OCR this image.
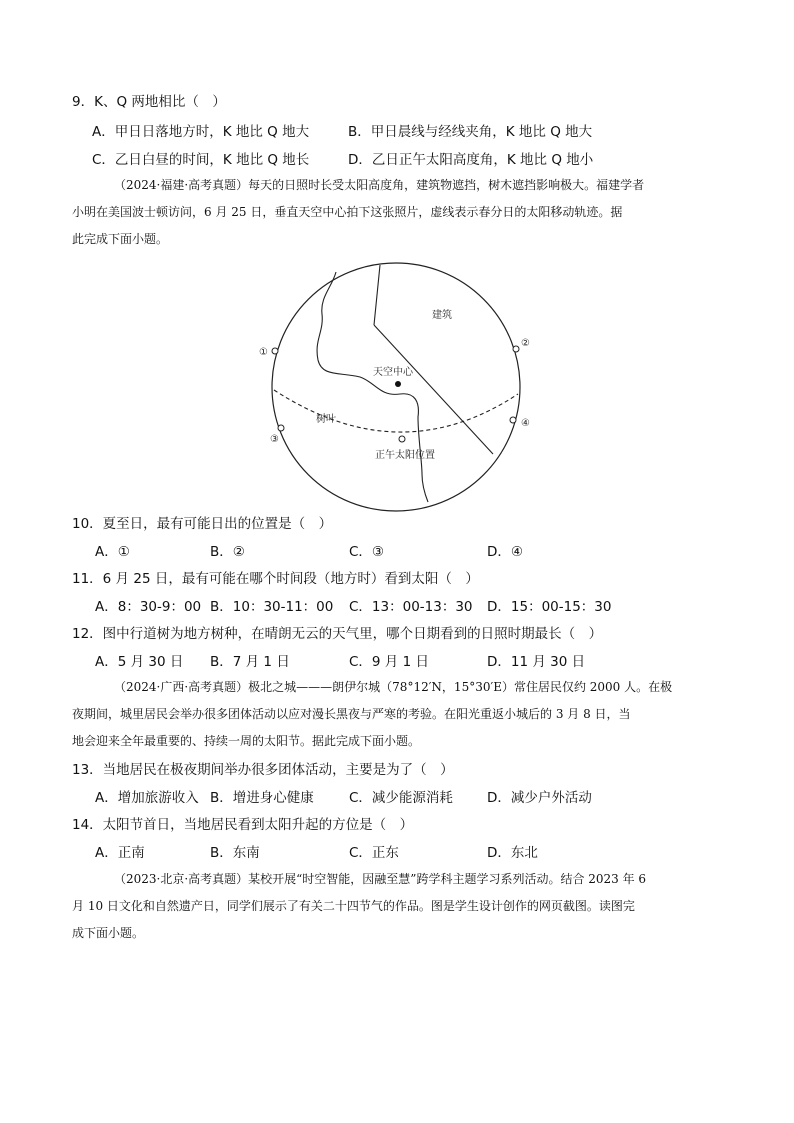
9．K、Q 两地相比（　）
A．甲日日落地方时，K 地比 Q 地大	B．甲日晨线与经线夹角，K 地比 Q 地大
C．乙日白昼的时间，K 地比 Q 地长	D．乙日正午太阳高度角，K 地比 Q 地小

（2024·福建·高考真题）每天的日照时长受太阳高度角，建筑物遮挡，树木遮挡影响极大。福建学者

小明在美国波士顿访问，6 月 25 日，垂直天空中心拍下这张照片，虚线表示春分日的太阳移动轨迹。据

此完成下面小题。

建筑
天空中心
树叶
正午太阳位置
①
②
③
④
10．夏至日，最有可能日出的位置是（　）
A．①	B．②	C．③	D．④
11．6 月 25 日，最有可能在哪个时间段（地方时）看到太阳（　）
A．8：30-9：00 B．10：30-11：00 C．13：00-13：30 D．15：00-15：30
12．图中行道树为地方树种，在晴朗无云的天气里，哪个日期看到的日照时期最长（　）
A．5 月 30 日 B．7 月 1 日	C．9 月 1 日	D．11 月 30 日

（2024·广西·高考真题）极北之城———朗伊尔城（78°12′N，15°30′E）常住居民仅约 2000 人。在极

夜期间，城里居民会举办很多团体活动以应对漫长黑夜与严寒的考验。在阳光重返小城后的 3 月 8 日，当

地会迎来全年最重要的、持续一周的太阳节。据此完成下面小题。

13．当地居民在极夜期间举办很多团体活动，主要是为了（　）
A．增加旅游收入 B．增进身心健康	C．减少能源消耗	D．减少户外活动
14．太阳节首日，当地居民看到太阳升起的方位是（　）
A．正南	B．东南	C．正东	D．东北

（2023·北京·高考真题）某校开展“时空智能，因融至慧”跨学科主题学习系列活动。结合 2023 年 6

月 10 日文化和自然遗产日，同学们展示了有关二十四节气的作品。图是学生设计创作的网页截图。读图完

成下面小题。
